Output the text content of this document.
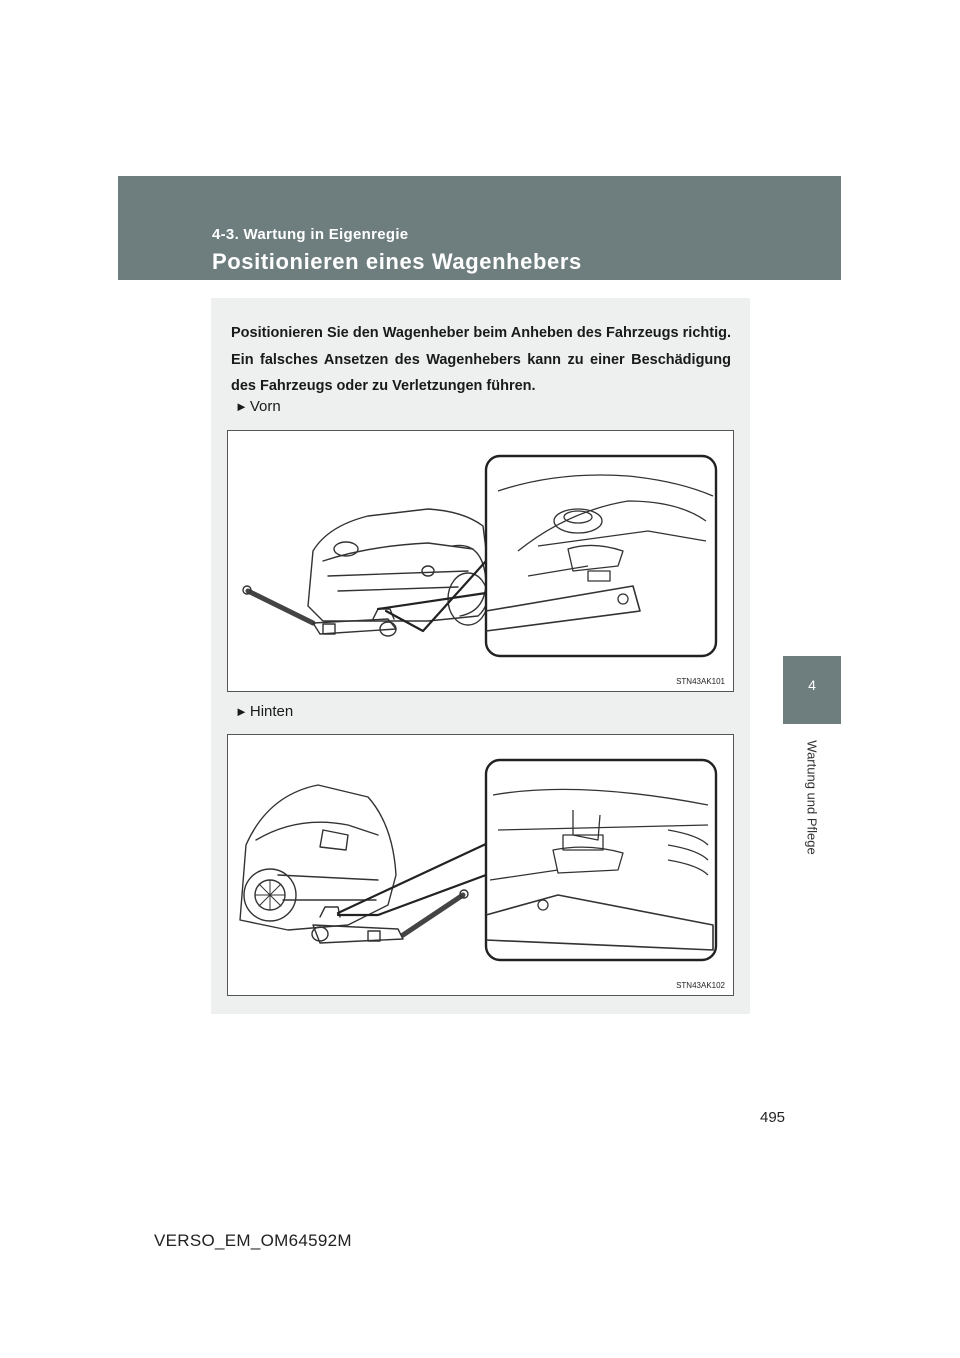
4-3. Wartung in Eigenregie
Positionieren eines Wagenhebers
4
Wartung und Pflege

Positionieren Sie den Wagenheber beim Anheben des Fahrzeugs richtig. Ein falsches Ansetzen des Wagenhebers kann zu einer Beschädigung des Fahrzeugs oder zu Verletzungen führen.

► Vorn
STN43AK101
► Hinten
STN43AK102
495
VERSO_EM_OM64592M
